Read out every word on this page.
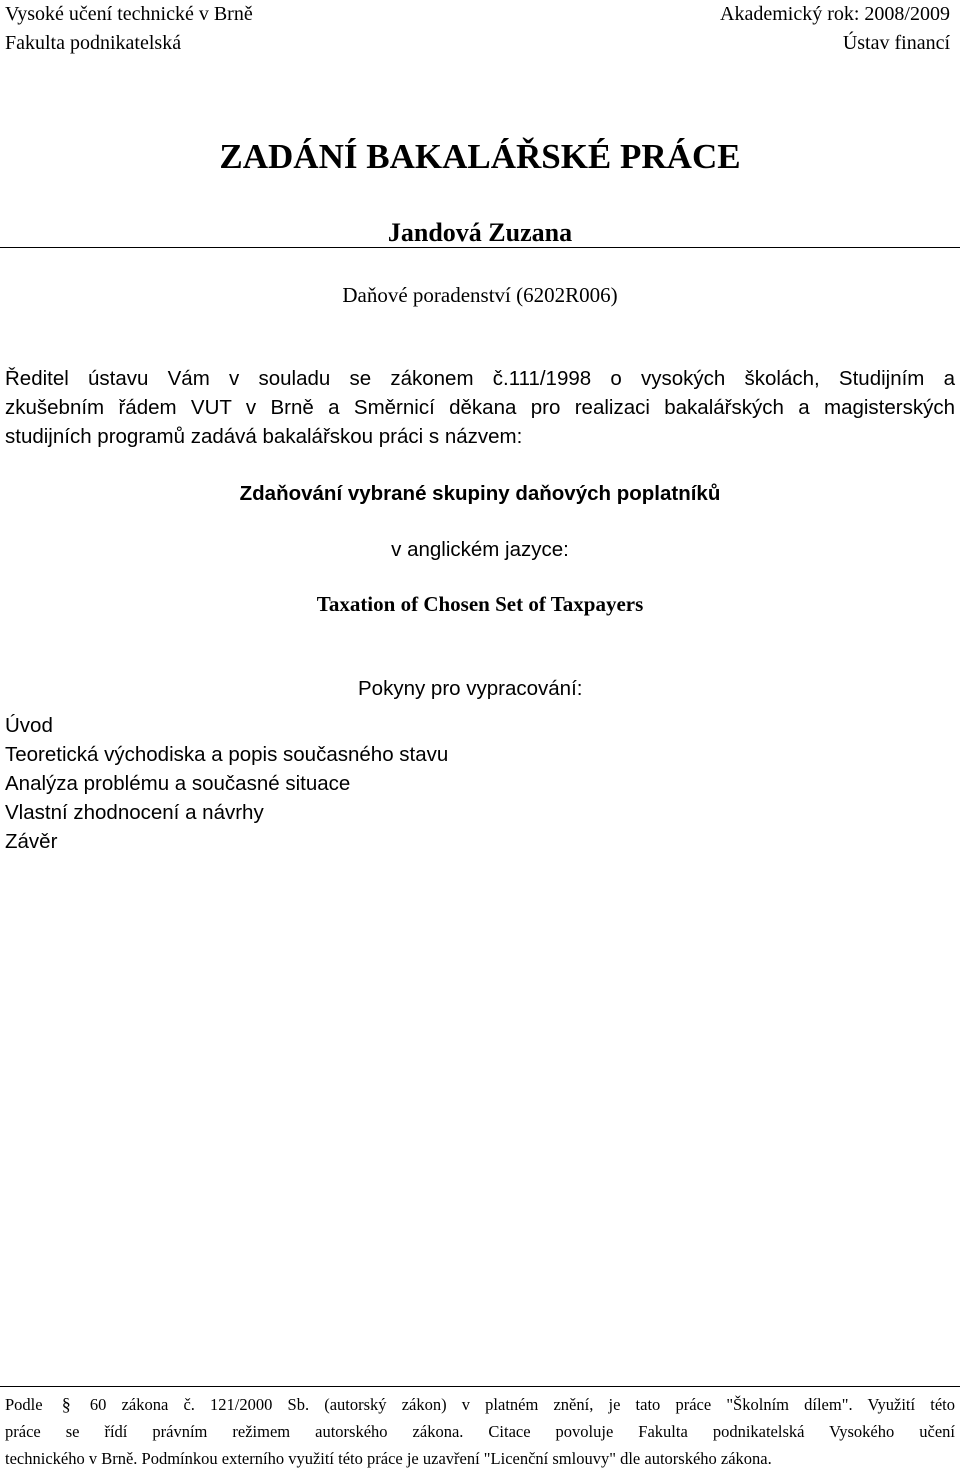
Vysoké učení technické v Brně
Fakulta podnikatelská
Akademický rok: 2008/2009
Ústav financí
ZADÁNÍ BAKALÁŘSKÉ PRÁCE
Jandová Zuzana
Daňové poradenství (6202R006)
Ředitel ústavu Vám v souladu se zákonem č.111/1998 o vysokých školách, Studijním a
zkušebním řádem VUT v Brně a Směrnicí děkana pro realizaci bakalářských a magisterských
studijních programů zadává bakalářskou práci s názvem:
Zdaňování vybrané skupiny daňových poplatníků
v anglickém jazyce:
Taxation of Chosen Set of Taxpayers
Pokyny pro vypracování:
Úvod
Teoretická východiska a popis současného stavu
Analýza problému a současné situace
Vlastní zhodnocení a návrhy
Závěr
Podle § 60 zákona č. 121/2000 Sb. (autorský zákon) v platném znění, je tato práce "Školním dílem". Využití této
práce se řídí právním režimem autorského zákona. Citace povoluje Fakulta podnikatelská Vysokého učení
technického v Brně. Podmínkou externího využití této práce je uzavření "Licenční smlouvy" dle autorského zákona.
